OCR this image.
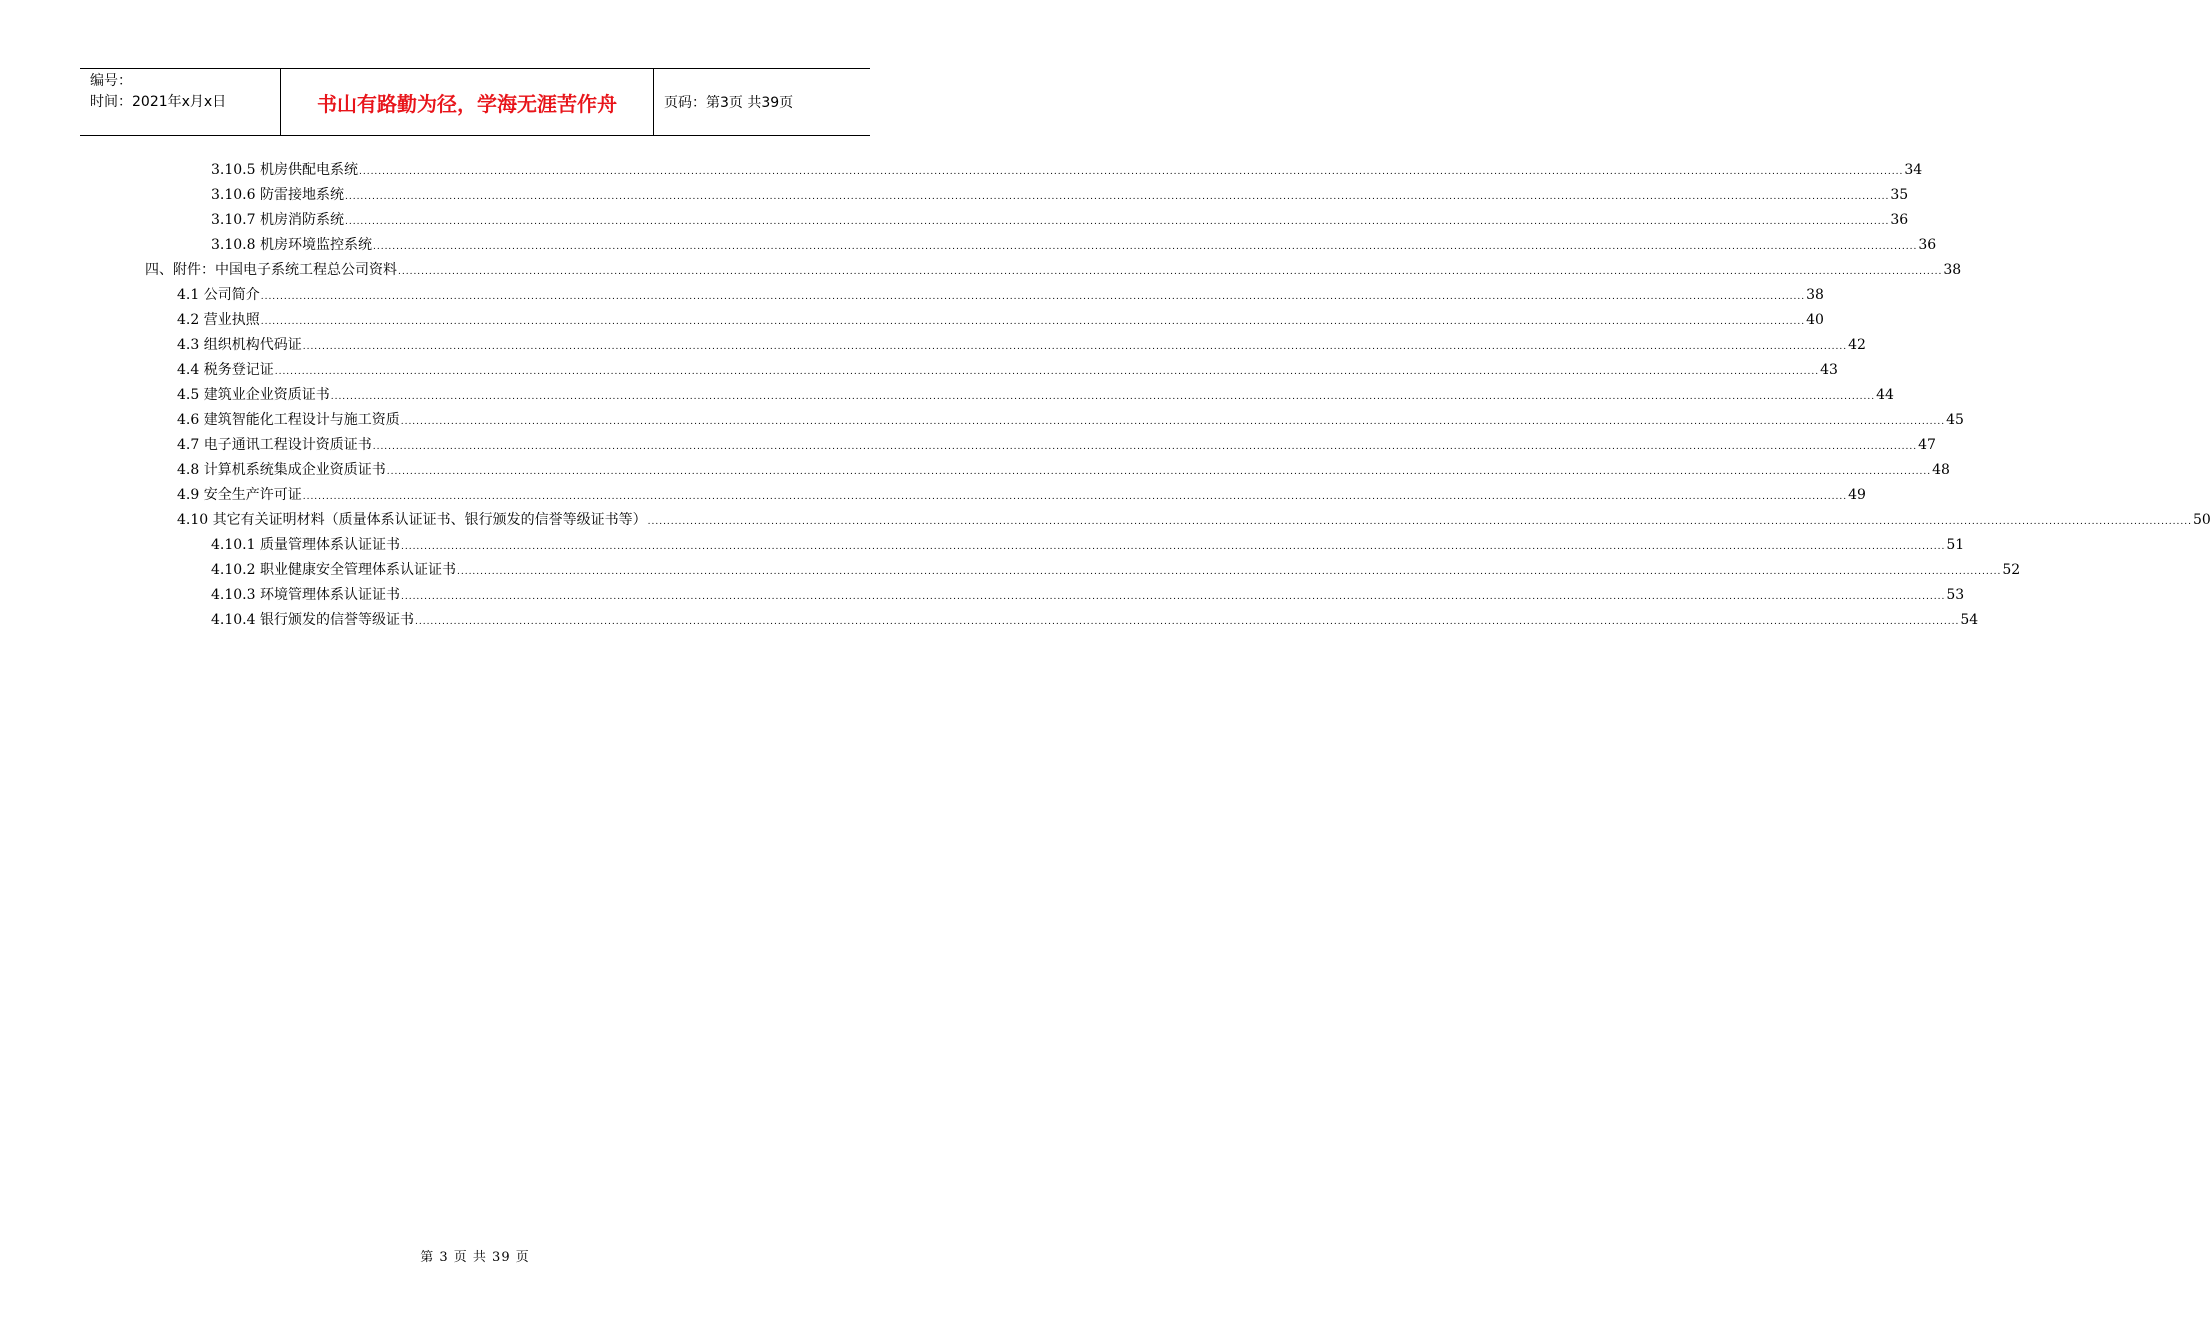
编号：
时间：2021年x月x日	书山有路勤为径，学海无涯苦作舟	页码：第3页 共39页
3.10.5 机房供配电系统 ................................................................................................................................................................................................................................................................................................................................................................................................................ 34
3.10.6 防雷接地系统 ................................................................................................................................................................................................................................................................................................................................................................................................................ 35
3.10.7 机房消防系统 ................................................................................................................................................................................................................................................................................................................................................................................................................ 36
3.10.8 机房环境监控系统 ................................................................................................................................................................................................................................................................................................................................................................................................................ 36
四、附件：中国电子系统工程总公司资料 ................................................................................................................................................................................................................................................................................................................................................................................................................ 38
4.1 公司简介 ................................................................................................................................................................................................................................................................................................................................................................................................................ 38
4.2 营业执照 ................................................................................................................................................................................................................................................................................................................................................................................................................ 40
4.3 组织机构代码证 ................................................................................................................................................................................................................................................................................................................................................................................................................ 42
4.4 税务登记证 ................................................................................................................................................................................................................................................................................................................................................................................................................ 43
4.5 建筑业企业资质证书 ................................................................................................................................................................................................................................................................................................................................................................................................................ 44
4.6 建筑智能化工程设计与施工资质 ................................................................................................................................................................................................................................................................................................................................................................................................................ 45
4.7 电子通讯工程设计资质证书 ................................................................................................................................................................................................................................................................................................................................................................................................................ 47
4.8 计算机系统集成企业资质证书 ................................................................................................................................................................................................................................................................................................................................................................................................................ 48
4.9 安全生产许可证 ................................................................................................................................................................................................................................................................................................................................................................................................................ 49
4.10 其它有关证明材料（质量体系认证证书、银行颁发的信誉等级证书等） ................................................................................................................................................................................................................................................................................................................................................................................................................ 50
4.10.1 质量管理体系认证证书 ................................................................................................................................................................................................................................................................................................................................................................................................................ 51
4.10.2 职业健康安全管理体系认证证书 ................................................................................................................................................................................................................................................................................................................................................................................................................ 52
4.10.3 环境管理体系认证证书 ................................................................................................................................................................................................................................................................................................................................................................................................................ 53
4.10.4 银行颁发的信誉等级证书 ................................................................................................................................................................................................................................................................................................................................................................................................................ 54
第 3 页 共 39 页
